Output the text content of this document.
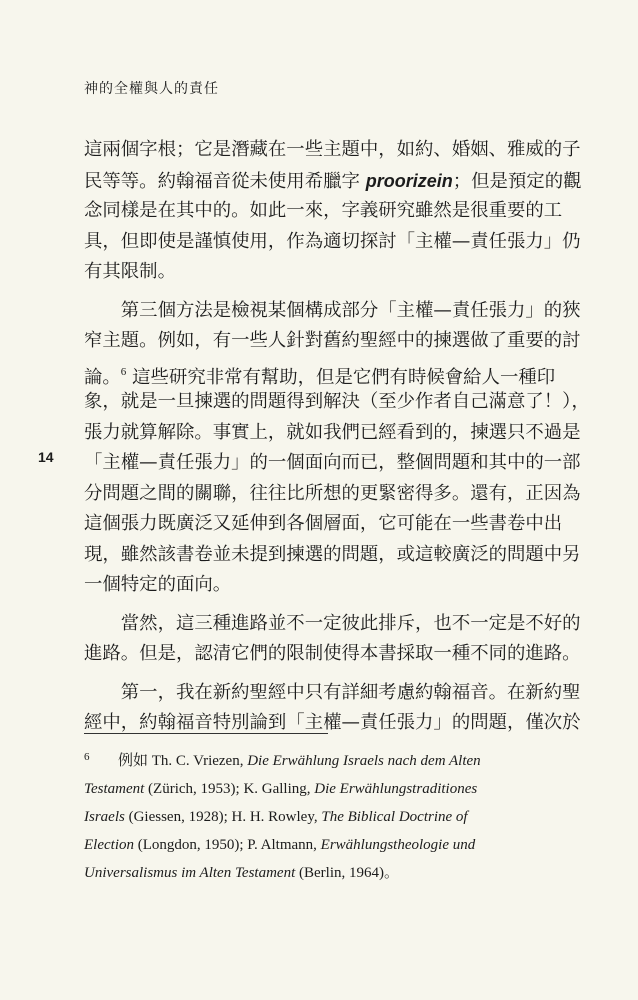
神的全權與人的責任
14
這兩個字根；它是潛藏在一些主題中，如約、婚姻、雅威的子
民等等。約翰福音從未使用希臘字 proorizein；但是預定的觀
念同樣是在其中的。如此一來，字義研究雖然是很重要的工
具，但即使是謹慎使用，作為適切探討「主權—責任張力」仍
有其限制。
　　第三個方法是檢視某個構成部分「主權—責任張力」的狹
窄主題。例如，有一些人針對舊約聖經中的揀選做了重要的討
論。$^6$ 這些研究非常有幫助，但是它們有時候會給人一種印
象，就是一旦揀選的問題得到解決（至少作者自己滿意了！），
張力就算解除。事實上，就如我們已經看到的，揀選只不過是
「主權—責任張力」的一個面向而已，整個問題和其中的一部
分問題之間的關聯，往往比所想的更緊密得多。還有，正因為
這個張力既廣泛又延伸到各個層面，它可能在一些書卷中出
現，雖然該書卷並未提到揀選的問題，或這較廣泛的問題中另
一個特定的面向。
　　當然，這三種進路並不一定彼此排斥，也不一定是不好的
進路。但是，認清它們的限制使得本書採取一種不同的進路。
　　第一，我在新約聖經中只有詳細考慮約翰福音。在新約聖
經中，約翰福音特別論到「主權—責任張力」的問題，僅次於
6	例如 Th. C. Vriezen, Die Erwählung Israels nach dem Alten
Testament (Zürich, 1953); K. Galling, Die Erwählungstraditiones
Israels (Giessen, 1928); H. H. Rowley, The Biblical Doctrine of
Election (Longdon, 1950); P. Altmann, Erwählungstheologie und
Universalismus im Alten Testament (Berlin, 1964)。
